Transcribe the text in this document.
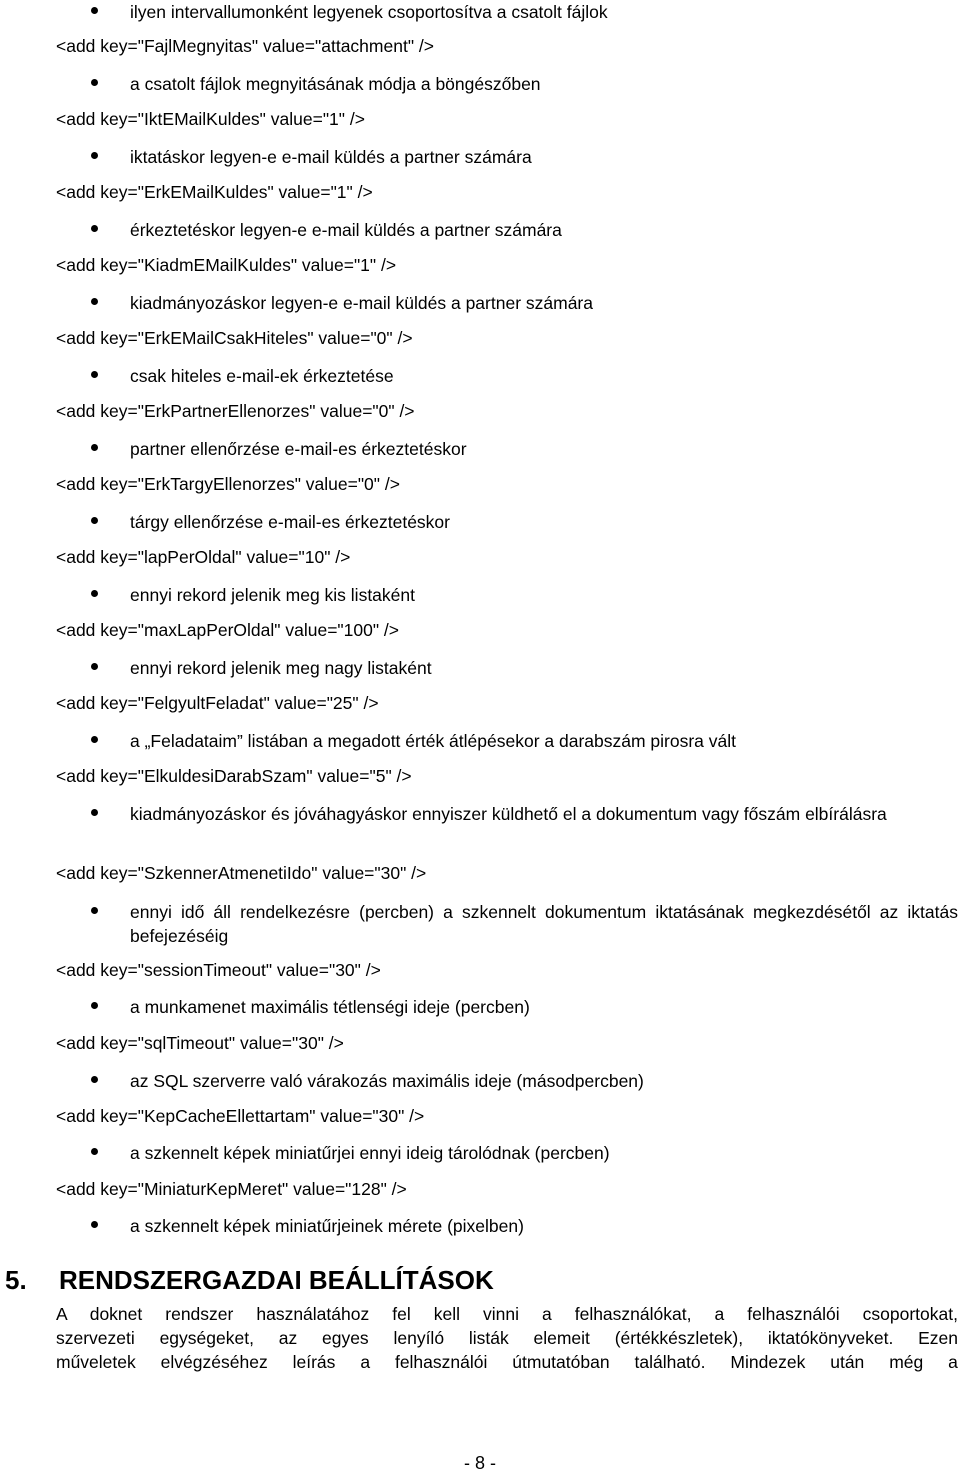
ilyen intervallumonként legyenek csoportosítva a csatolt fájlok
<add key="FajlMegnyitas" value="attachment" />
a csatolt fájlok megnyitásának módja a böngészőben
<add key="IktEMailKuldes" value="1" />
iktatáskor legyen-e e-mail küldés a partner számára
<add key="ErkEMailKuldes" value="1" />
érkeztetéskor legyen-e e-mail küldés a partner számára
<add key="KiadmEMailKuldes" value="1" />
kiadmányozáskor legyen-e e-mail küldés a partner számára
<add key="ErkEMailCsakHiteles" value="0" />
csak hiteles e-mail-ek érkeztetése
<add key="ErkPartnerEllenorzes" value="0" />
partner ellenőrzése e-mail-es érkeztetéskor
<add key="ErkTargyEllenorzes" value="0" />
tárgy ellenőrzése e-mail-es érkeztetéskor
<add key="lapPerOldal" value="10" />
ennyi rekord jelenik meg kis listaként
<add key="maxLapPerOldal" value="100" />
ennyi rekord jelenik meg nagy listaként
<add key="FelgyultFeladat" value="25" />
a „Feladataim” listában a megadott érték átlépésekor a darabszám pirosra vált
<add key="ElkuldesiDarabSzam" value="5" />
kiadmányozáskor és jóváhagyáskor ennyiszer küldhető el a dokumentum vagy főszám elbírálásra
<add key="SzkennerAtmenetiIdo" value="30" />
ennyi idő áll rendelkezésre (percben) a szkennelt dokumentum iktatásának megkezdésétől az iktatás befejezéséig
<add key="sessionTimeout" value="30" />
a munkamenet maximális tétlenségi ideje (percben)
<add key="sqlTimeout" value="30" />
az SQL szerverre való várakozás maximális ideje (másodpercben)
<add key="KepCacheEllettartam" value="30" />
a szkennelt képek miniatűrjei ennyi ideig tárolódnak (percben)
<add key="MiniaturKepMeret" value="128" />
a szkennelt képek miniatűrjeinek mérete (pixelben)
5. RENDSZERGAZDAI BEÁLLÍTÁSOK
A doknet rendszer használatához fel kell vinni a felhasználókat, a felhasználói csoportokat,
szervezeti egységeket, az egyes lenyíló listák elemeit (értékkészletek), iktatókönyveket. Ezen
műveletek elvégzéséhez leírás a felhasználói útmutatóban található. Mindezek után még a
- 8 -
